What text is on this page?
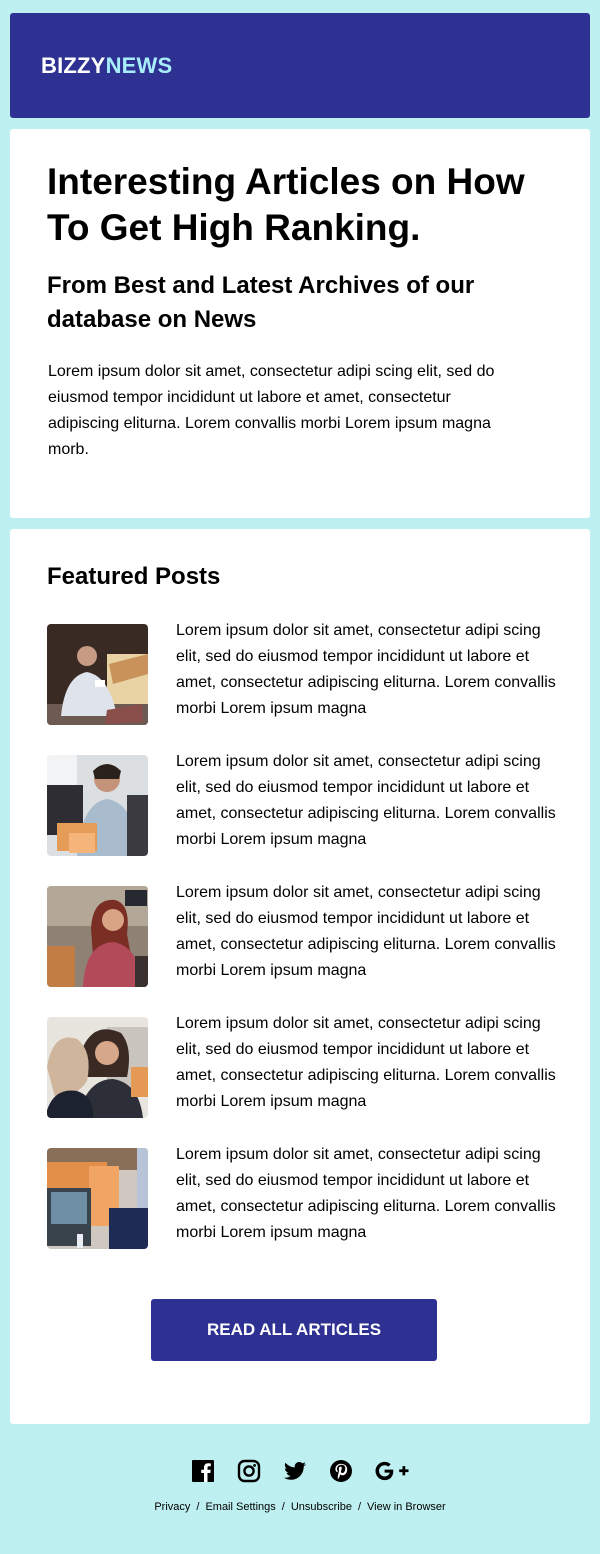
BIZZYNEWS
Interesting Articles on How To Get High Ranking.
From Best and Latest Archives of our database on News

Lorem ipsum dolor sit amet, consectetur adipi scing elit, sed do eiusmod tempor incididunt ut labore et amet, consectetur adipiscing eliturna. Lorem convallis morbi Lorem ipsum magna morb.

Featured Posts
Lorem ipsum dolor sit amet, consectetur adipi scing elit, sed do eiusmod tempor incididunt ut labore et amet, consectetur adipiscing eliturna. Lorem convallis morbi Lorem ipsum magna
Lorem ipsum dolor sit amet, consectetur adipi scing elit, sed do eiusmod tempor incididunt ut labore et amet, consectetur adipiscing eliturna. Lorem convallis morbi Lorem ipsum magna
Lorem ipsum dolor sit amet, consectetur adipi scing elit, sed do eiusmod tempor incididunt ut labore et amet, consectetur adipiscing eliturna. Lorem convallis morbi Lorem ipsum magna
Lorem ipsum dolor sit amet, consectetur adipi scing elit, sed do eiusmod tempor incididunt ut labore et amet, consectetur adipiscing eliturna. Lorem convallis morbi Lorem ipsum magna
Lorem ipsum dolor sit amet, consectetur adipi scing elit, sed do eiusmod tempor incididunt ut labore et amet, consectetur adipiscing eliturna. Lorem convallis morbi Lorem ipsum magna
READ ALL ARTICLES
Privacy / Email Settings / Unsubscribe / View in Browser
